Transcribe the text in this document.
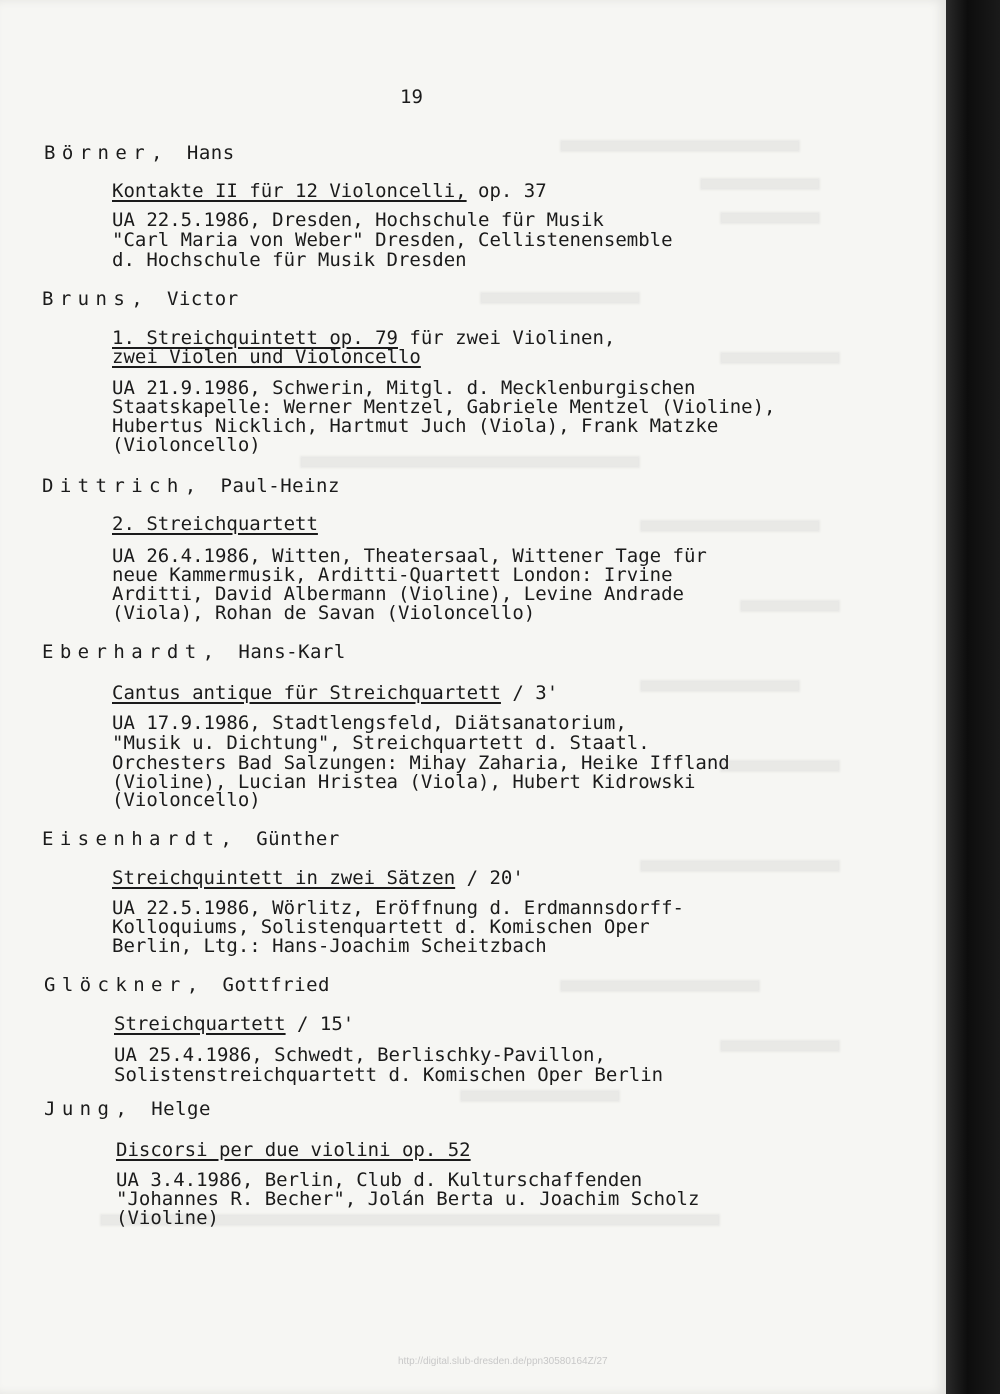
19
Börner,  Hans
Kontakte II für 12 Violoncelli, op. 37
UA 22.5.1986, Dresden, Hochschule für Musik
"Carl Maria von Weber" Dresden, Cellistenensemble
d. Hochschule für Musik Dresden
Bruns,  Victor
1. Streichquintett op. 79 für zwei Violinen,
zwei Violen und Violoncello
UA 21.9.1986, Schwerin, Mitgl. d. Mecklenburgischen
Staatskapelle: Werner Mentzel, Gabriele Mentzel (Violine),
Hubertus Nicklich, Hartmut Juch (Viola), Frank Matzke
(Violoncello)
Dittrich,  Paul-Heinz
2. Streichquartett
UA 26.4.1986, Witten, Theatersaal, Wittener Tage für
neue Kammermusik, Arditti-Quartett London: Irvine
Arditti, David Albermann (Violine), Levine Andrade
(Viola), Rohan de Savan (Violoncello)
Eberhardt,  Hans-Karl
Cantus antique für Streichquartett / 3'
UA 17.9.1986, Stadtlengsfeld, Diätsanatorium,
"Musik u. Dichtung", Streichquartett d. Staatl.
Orchesters Bad Salzungen: Mihay Zaharia, Heike Iffland
(Violine), Lucian Hristea (Viola), Hubert Kidrowski
(Violoncello)
Eisenhardt,  Günther
Streichquintett in zwei Sätzen / 20'
UA 22.5.1986, Wörlitz, Eröffnung d. Erdmannsdorff-
Kolloquiums, Solistenquartett d. Komischen Oper
Berlin, Ltg.: Hans-Joachim Scheitzbach
Glöckner,  Gottfried
Streichquartett / 15'
UA 25.4.1986, Schwedt, Berlischky-Pavillon,
Solistenstreichquartett d. Komischen Oper Berlin
Jung,  Helge
Discorsi per due violini op. 52
UA 3.4.1986, Berlin, Club d. Kulturschaffenden
"Johannes R. Becher", Jolán Berta u. Joachim Scholz
(Violine)
http://digital.slub-dresden.de/ppn30580164Z/27
